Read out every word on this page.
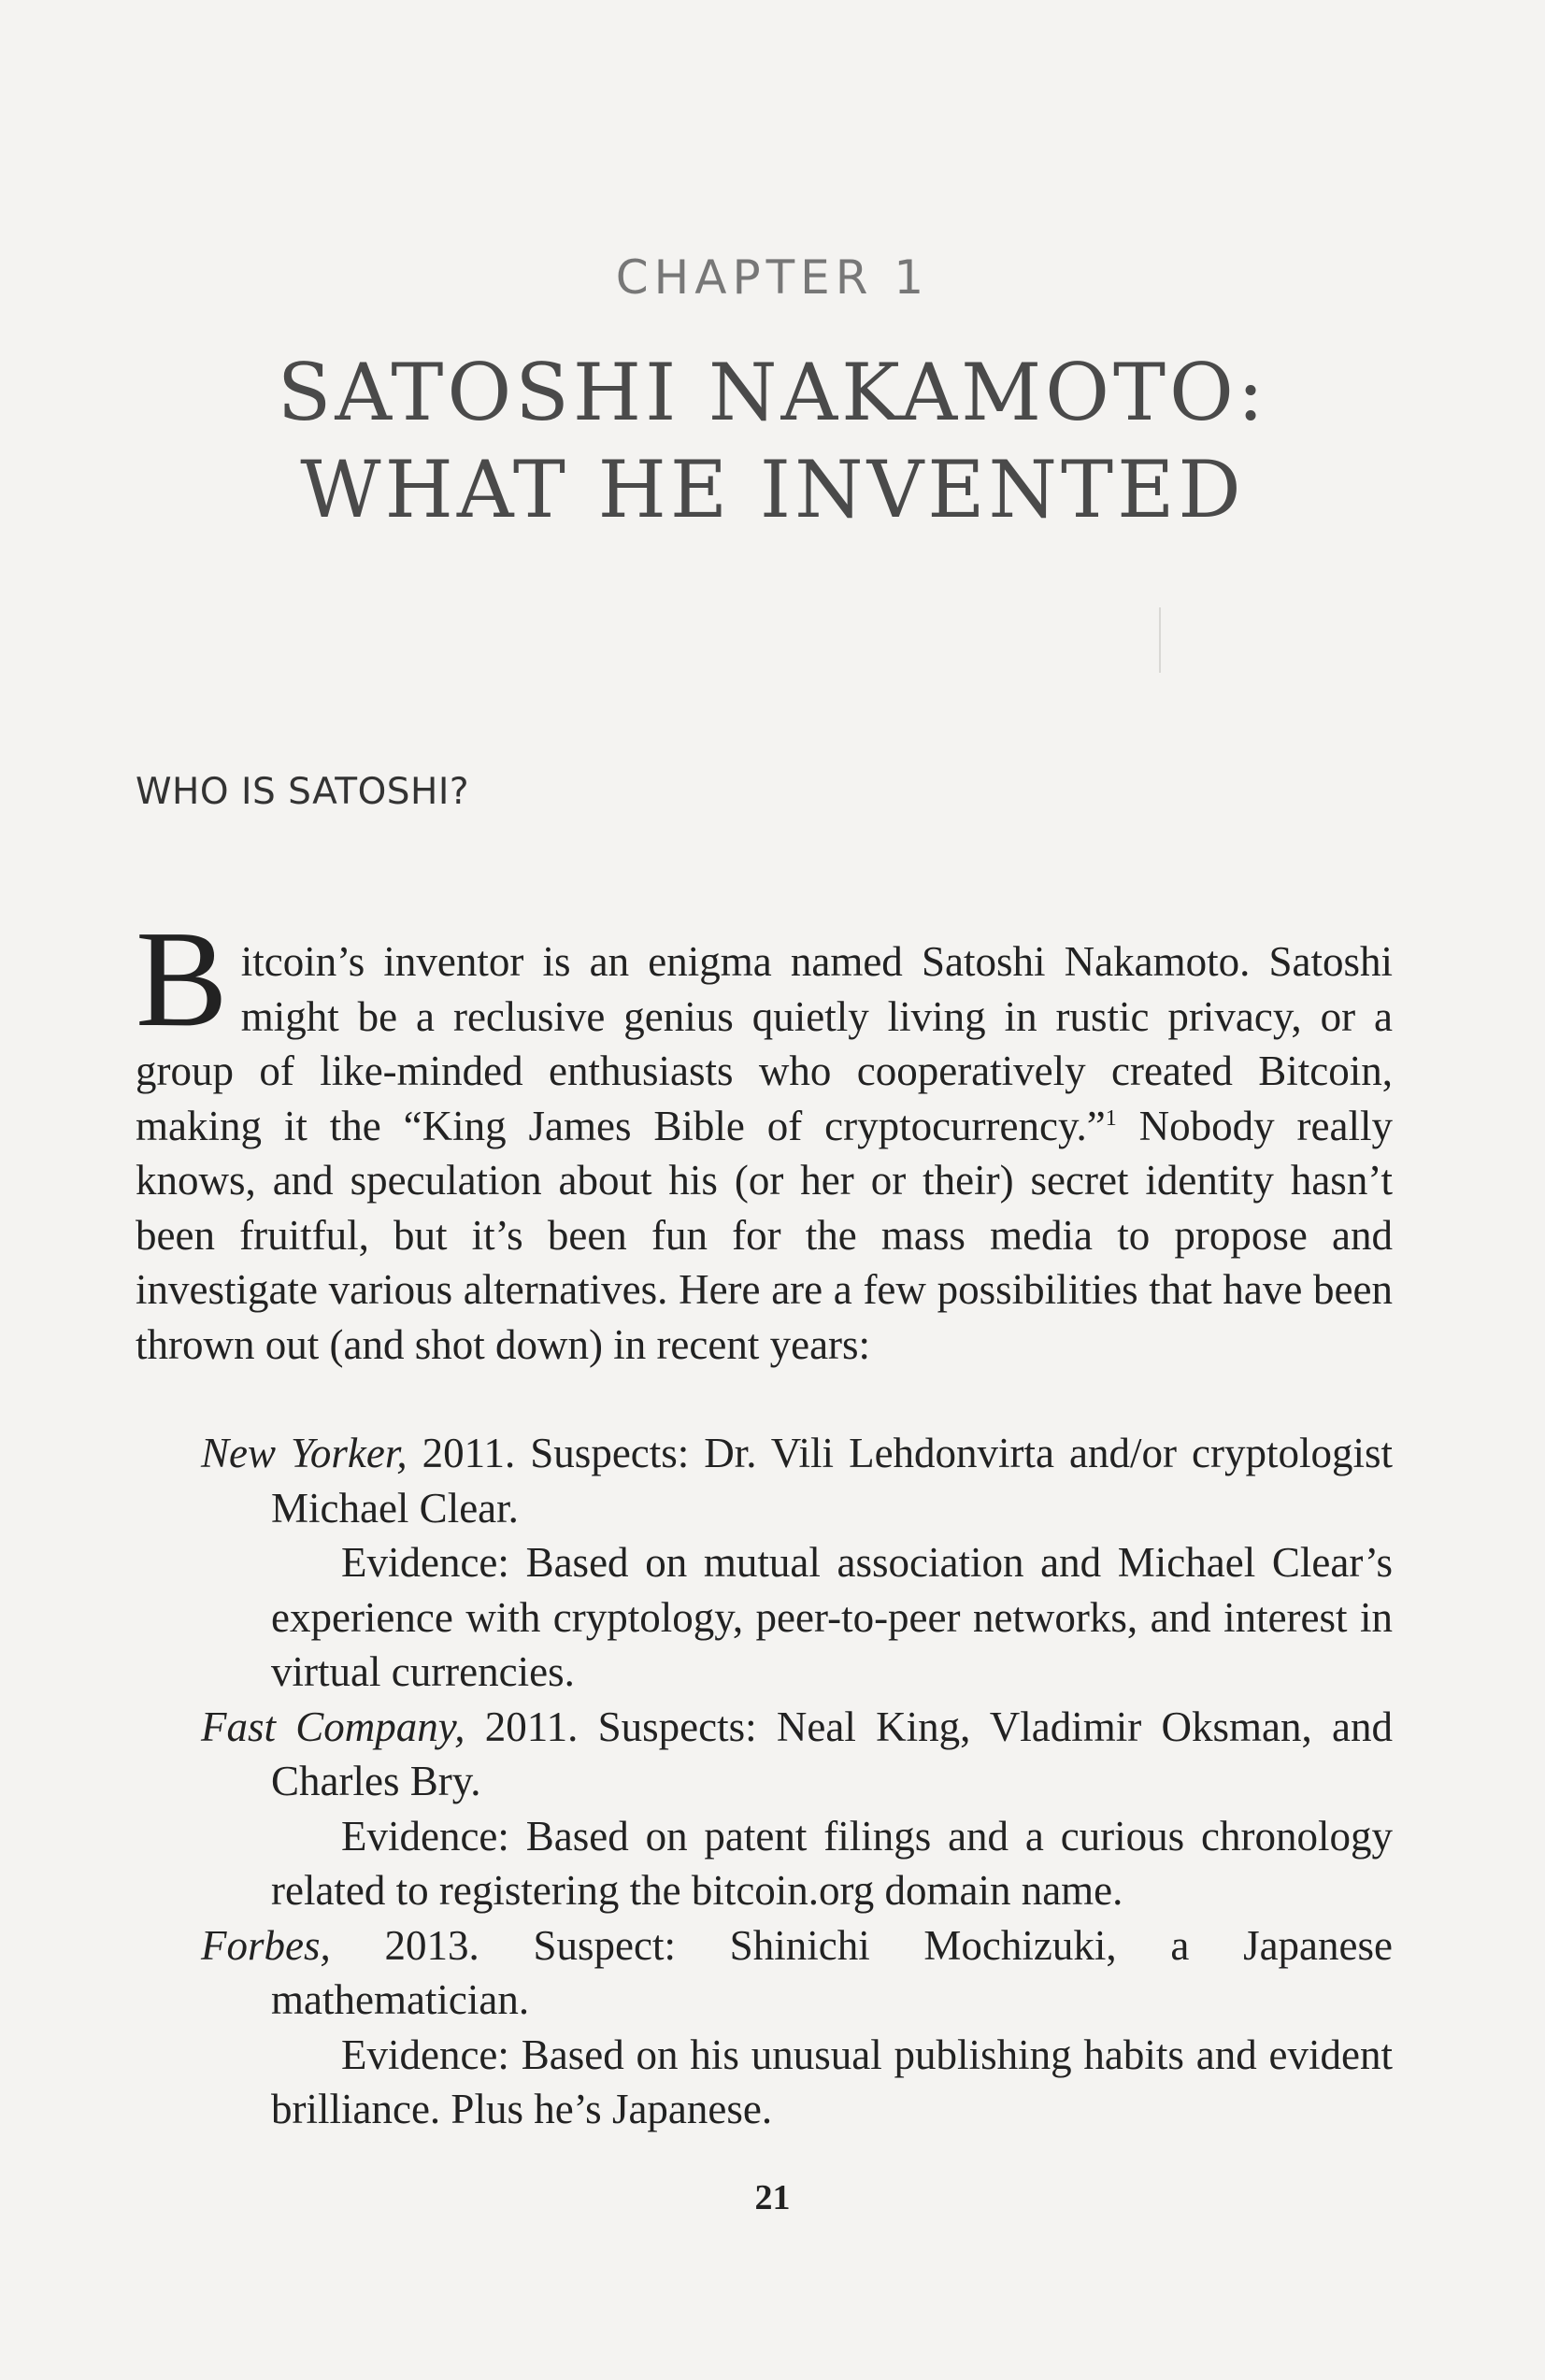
CHAPTER 1
SATOSHI NAKAMOTO:
WHAT HE INVENTED
WHO IS SATOSHI?
Bitcoin’s inventor is an enigma named Satoshi Nakamoto. Satoshi might be a reclusive genius quietly living in rustic privacy, or a group of like-minded enthusiasts who cooperatively created Bitcoin, making it the “King James Bible of cryptocurrency.”$^1$ Nobody really knows, and speculation about his (or her or their) secret identity hasn’t been fruitful, but it’s been fun for the mass media to propose and investigate various alternatives. Here are a few possibilities that have been thrown out (and shot down) in recent years:
New Yorker, 2011. Suspects: Dr. Vili Lehdonvirta and/or cryptologist Michael Clear.
Evidence: Based on mutual association and Michael Clear’s experience with cryptology, peer-to-peer networks, and interest in virtual currencies.
Fast Company, 2011. Suspects: Neal King, Vladimir Oksman, and Charles Bry.
Evidence: Based on patent filings and a curious chronology related to registering the bitcoin.org domain name.
Forbes, 2013. Suspect: Shinichi Mochizuki, a Japanese mathematician.
Evidence: Based on his unusual publishing habits and evident brilliance. Plus he’s Japanese.
21
